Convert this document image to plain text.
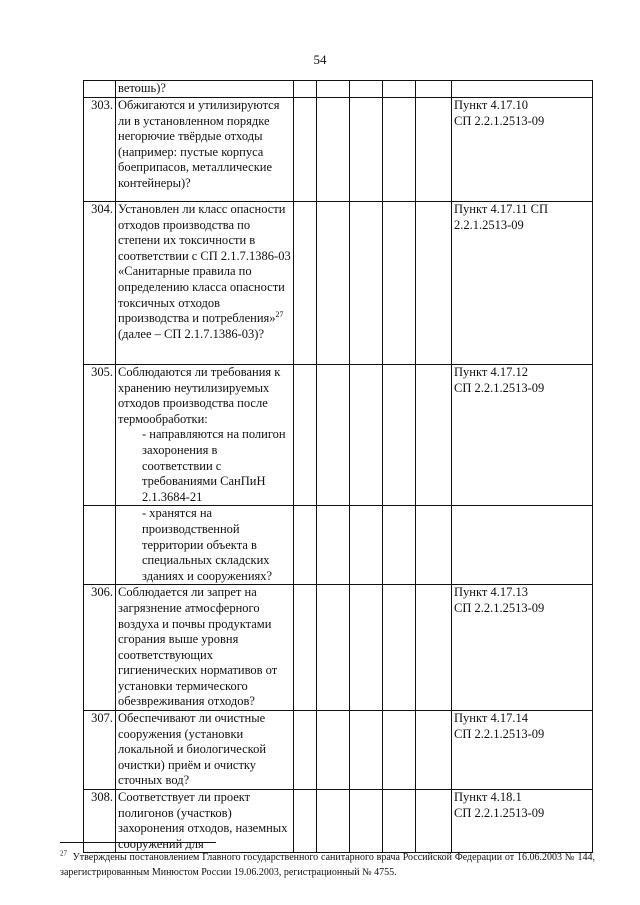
54

	ветошь)?						

303.	Обжигаются и утилизируются ли в установленном порядке негорючие твёрдые отходы (например: пустые корпуса боеприпасов, металлические контейнеры)?						Пункт 4.17.10
СП 2.2.1.2513-09

304.	Установлен ли класс опасности отходов производства по степени их токсичности в соответствии с СП 2.1.7.1386-03 «Санитарные правила по определению класса опасности токсичных отходов производства и потребления»$^{27}$ (далее – СП 2.1.7.1386-03)?						Пункт 4.17.11 СП
2.2.1.2513-09

305.	Соблюдаются ли требования к хранению неутилизируемых отходов производства после термообработки:
- направляются на полигон захоронения в соответствии с требованиями СанПиН 2.1.3684-21						Пункт 4.17.12
СП 2.2.1.2513-09

	- хранятся на производственной территории объекта в специальных складских зданиях и сооружениях?						

306.	Соблюдается ли запрет на загрязнение атмосферного воздуха и почвы продуктами сгорания выше уровня соответствующих гигиенических нормативов от установки термического обезвреживания отходов?						Пункт 4.17.13
СП 2.2.1.2513-09

307.	Обеспечивают ли очистные сооружения (установки локальной и биологической очистки) приём и очистку сточных вод?						Пункт 4.17.14
СП 2.2.1.2513-09

308.	Соответствует ли проект полигонов (участков) захоронения отходов, наземных сооружений для						Пункт 4.18.1
СП 2.2.1.2513-09
$^{27}$ Утверждены постановлением Главного государственного санитарного врача Российской Федерации от 16.06.2003 № 144, зарегистрированным Минюстом России 19.06.2003, регистрационный № 4755.
